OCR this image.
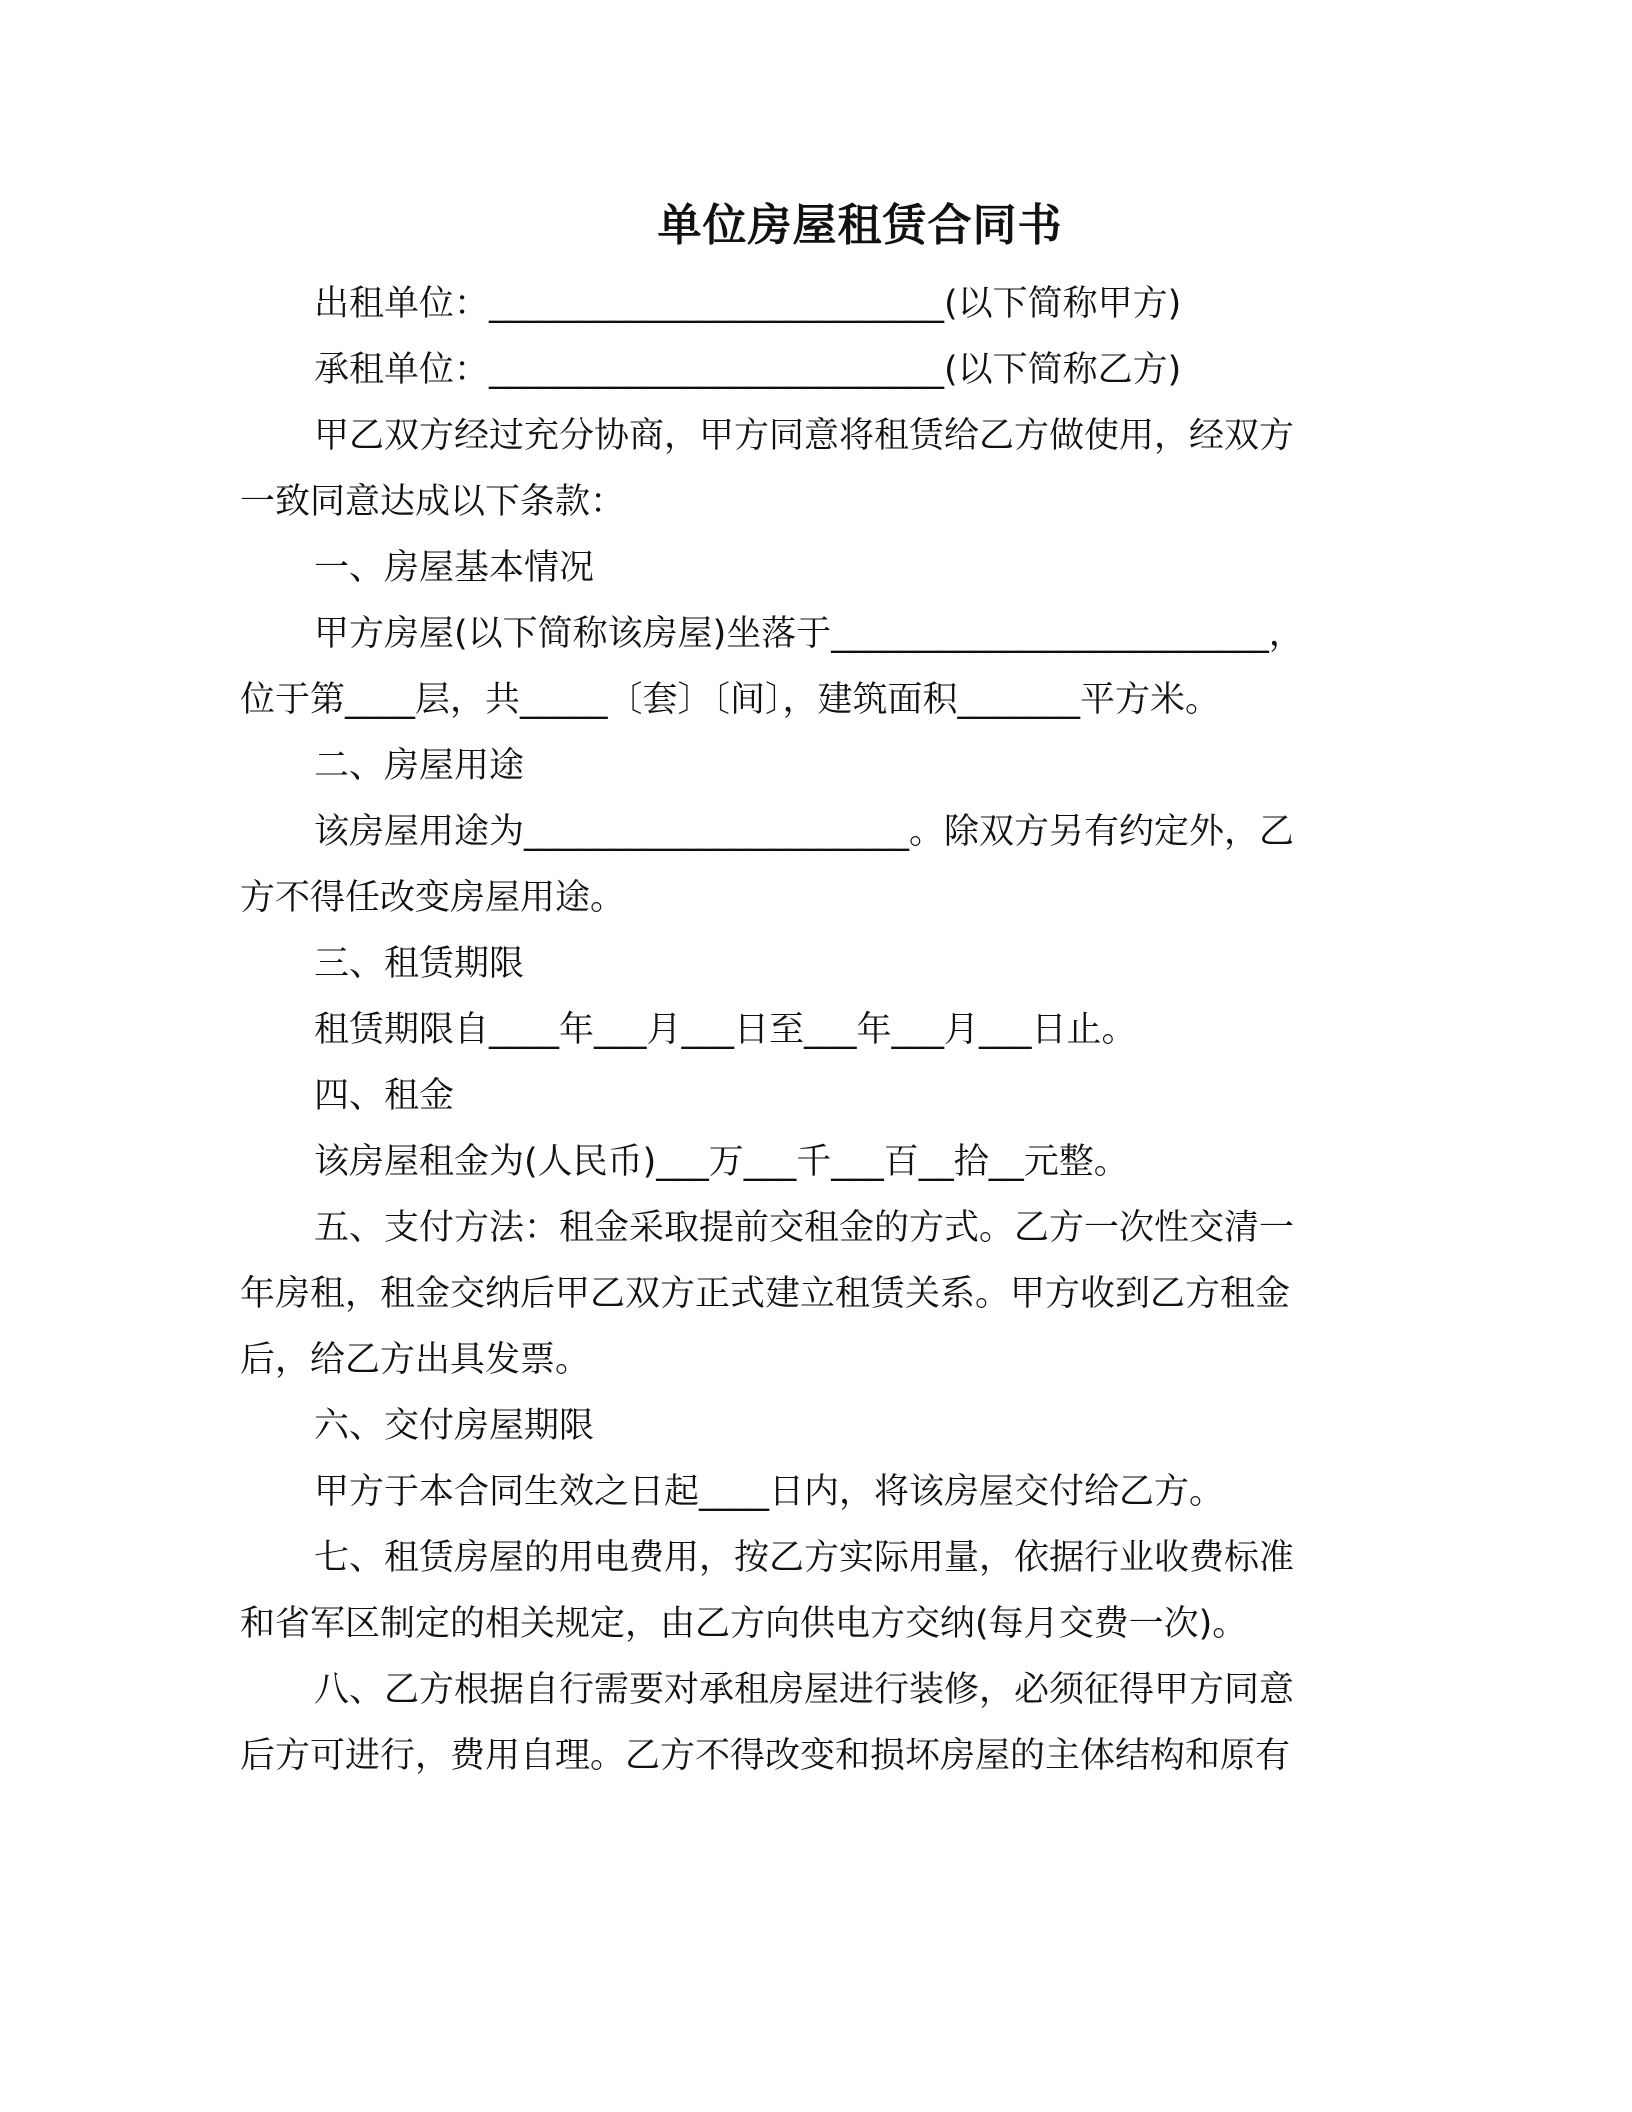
单位房屋租赁合同书

出租单位：__________________________(以下简称甲方)

承租单位：__________________________(以下简称乙方)

甲乙双方经过充分协商，甲方同意将租赁给乙方做使用，经双方

一致同意达成以下条款：

一、房屋基本情况

甲方房屋(以下简称该房屋)坐落于_________________________，

位于第____层，共_____〔套〕〔间〕，建筑面积_______平方米。

二、房屋用途

该房屋用途为______________________。除双方另有约定外，乙

方不得任改变房屋用途。

三、租赁期限

租赁期限自____年___月___日至___年___月___日止。

四、租金

该房屋租金为(人民币)___万___千___百__拾__元整。

五、支付方法：租金采取提前交租金的方式。乙方一次性交清一

年房租，租金交纳后甲乙双方正式建立租赁关系。甲方收到乙方租金

后，给乙方出具发票。

六、交付房屋期限

甲方于本合同生效之日起____日内，将该房屋交付给乙方。

七、租赁房屋的用电费用，按乙方实际用量，依据行业收费标准

和省军区制定的相关规定，由乙方向供电方交纳(每月交费一次)。

八、乙方根据自行需要对承租房屋进行装修，必须征得甲方同意

后方可进行，费用自理。乙方不得改变和损坏房屋的主体结构和原有
